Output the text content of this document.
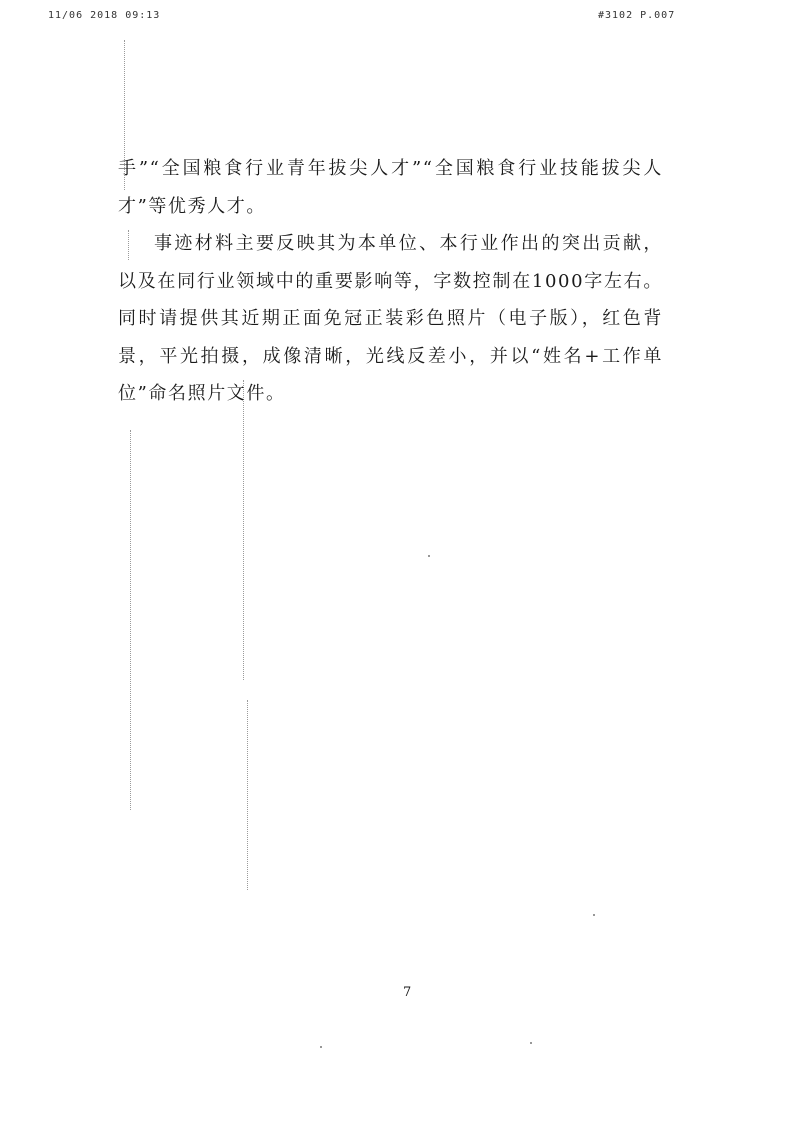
11/06 2018 09:13	#3102 P.007

手”“全国粮食行业青年拔尖人才”“全国粮食行业技能拔尖人才”等优秀人才。

事迹材料主要反映其为本单位、本行业作出的突出贡献，以及在同行业领域中的重要影响等，字数控制在1000字左右。同时请提供其近期正面免冠正装彩色照片（电子版），红色背景，平光拍摄，成像清晰，光线反差小，并以“姓名+工作单位”命名照片文件。

7
